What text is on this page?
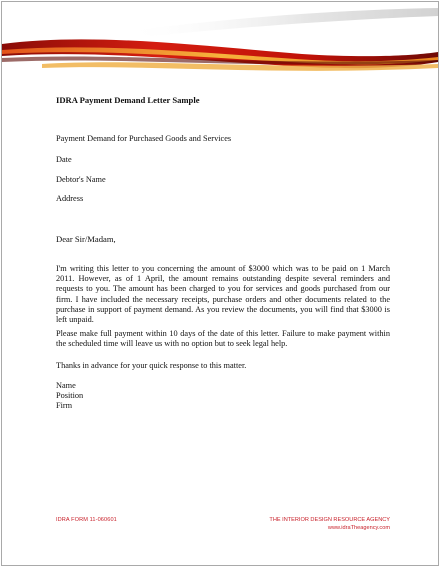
IDRA Payment Demand Letter Sample

Payment Demand for Purchased Goods and Services

Date

Debtor's Name

Address

Dear Sir/Madam,

I'm writing this letter to you concerning the amount of $3000 which was to be paid on 1 March 2011. However, as of 1 April, the amount remains outstanding despite several reminders and requests to you. The amount has been charged to you for services and goods purchased from our firm. I have included the necessary receipts, purchase orders and other documents related to the purchase in support of payment demand. As you review the documents, you will find that $3000 is left unpaid.

Please make full payment within 10 days of the date of this letter. Failure to make payment within the scheduled time will leave us with no option but to seek legal help.

Thanks in advance for your quick response to this matter.

Name

Position

Firm

IDRA FORM 11-060601	THE INTERIOR DESIGN RESOURCE AGENCY
www.idraTheagency.com
